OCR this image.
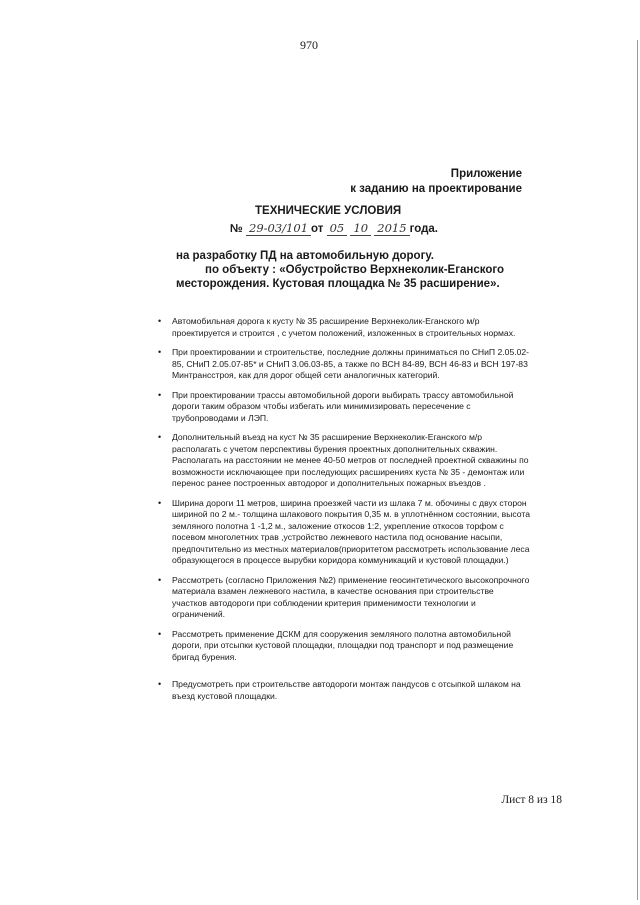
970
Приложение
к заданию на проектирование
ТЕХНИЧЕСКИЕ УСЛОВИЯ
№ 29-03/101 от 05 10 2015 года.
на разработку ПД на автомобильную дорогу.
по объекту : «Обустройство Верхнеколик-Еганского
месторождения. Кустовая площадка № 35 расширение».
• Автомобильная дорога к кусту № 35 расширение Верхнеколик-Еганского м/р проектируется и строится , с учетом положений, изложенных в строительных нормах.
• При проектировании и строительстве, последние должны приниматься по СНиП 2.05.02-85, СНиП 2.05.07-85* и СНиП 3.06.03-85, а также по ВСН 84-89, ВСН 46-83 и ВСН 197-83 Минтрансстроя, как для дорог общей сети аналогичных категорий.
• При проектировании трассы автомобильной дороги выбирать трассу автомобильной дороги таким образом чтобы избегать или минимизировать пересечение с трубопроводами и ЛЭП.
• Дополнительный въезд на куст № 35 расширение Верхнеколик-Еганского м/р располагать с учетом перспективы бурения проектных дополнительных скважин. Располагать на расстоянии не менее 40-50 метров от последней проектной скважины по возможности исключающее при последующих расширениях куста № 35 - демонтаж или перенос ранее построенных автодорог и дополнительных пожарных въездов .
• Ширина дороги 11 метров, ширина проезжей части из шлака 7 м. обочины с двух сторон шириной по 2 м.- толщина шлакового покрытия 0,35 м. в уплотнённом состоянии, высота земляного полотна 1 -1,2 м., заложение откосов 1:2, укрепление откосов торфом с посевом многолетних трав ,устройство лежневого настила под основание насыпи, предпочтительно из местных материалов(приоритетом рассмотреть использование леса образующегося в процессе вырубки коридора коммуникаций и кустовой площадки.)
• Рассмотреть (согласно Приложения №2) применение геосинтетического высокопрочного материала взамен лежневого настила, в качестве основания при строительстве участков автодороги при соблюдении критерия применимости технологии и ограничений.
• Рассмотреть применение ДСКМ для сооружения земляного полотна автомобильной дороги, при отсыпки кустовой площадки, площадки под транспорт и под размещение бригад бурения.
• Предусмотреть при строительстве автодороги монтаж пандусов с отсыпкой шлаком на въезд кустовой площадки.
Лист 8 из 18
